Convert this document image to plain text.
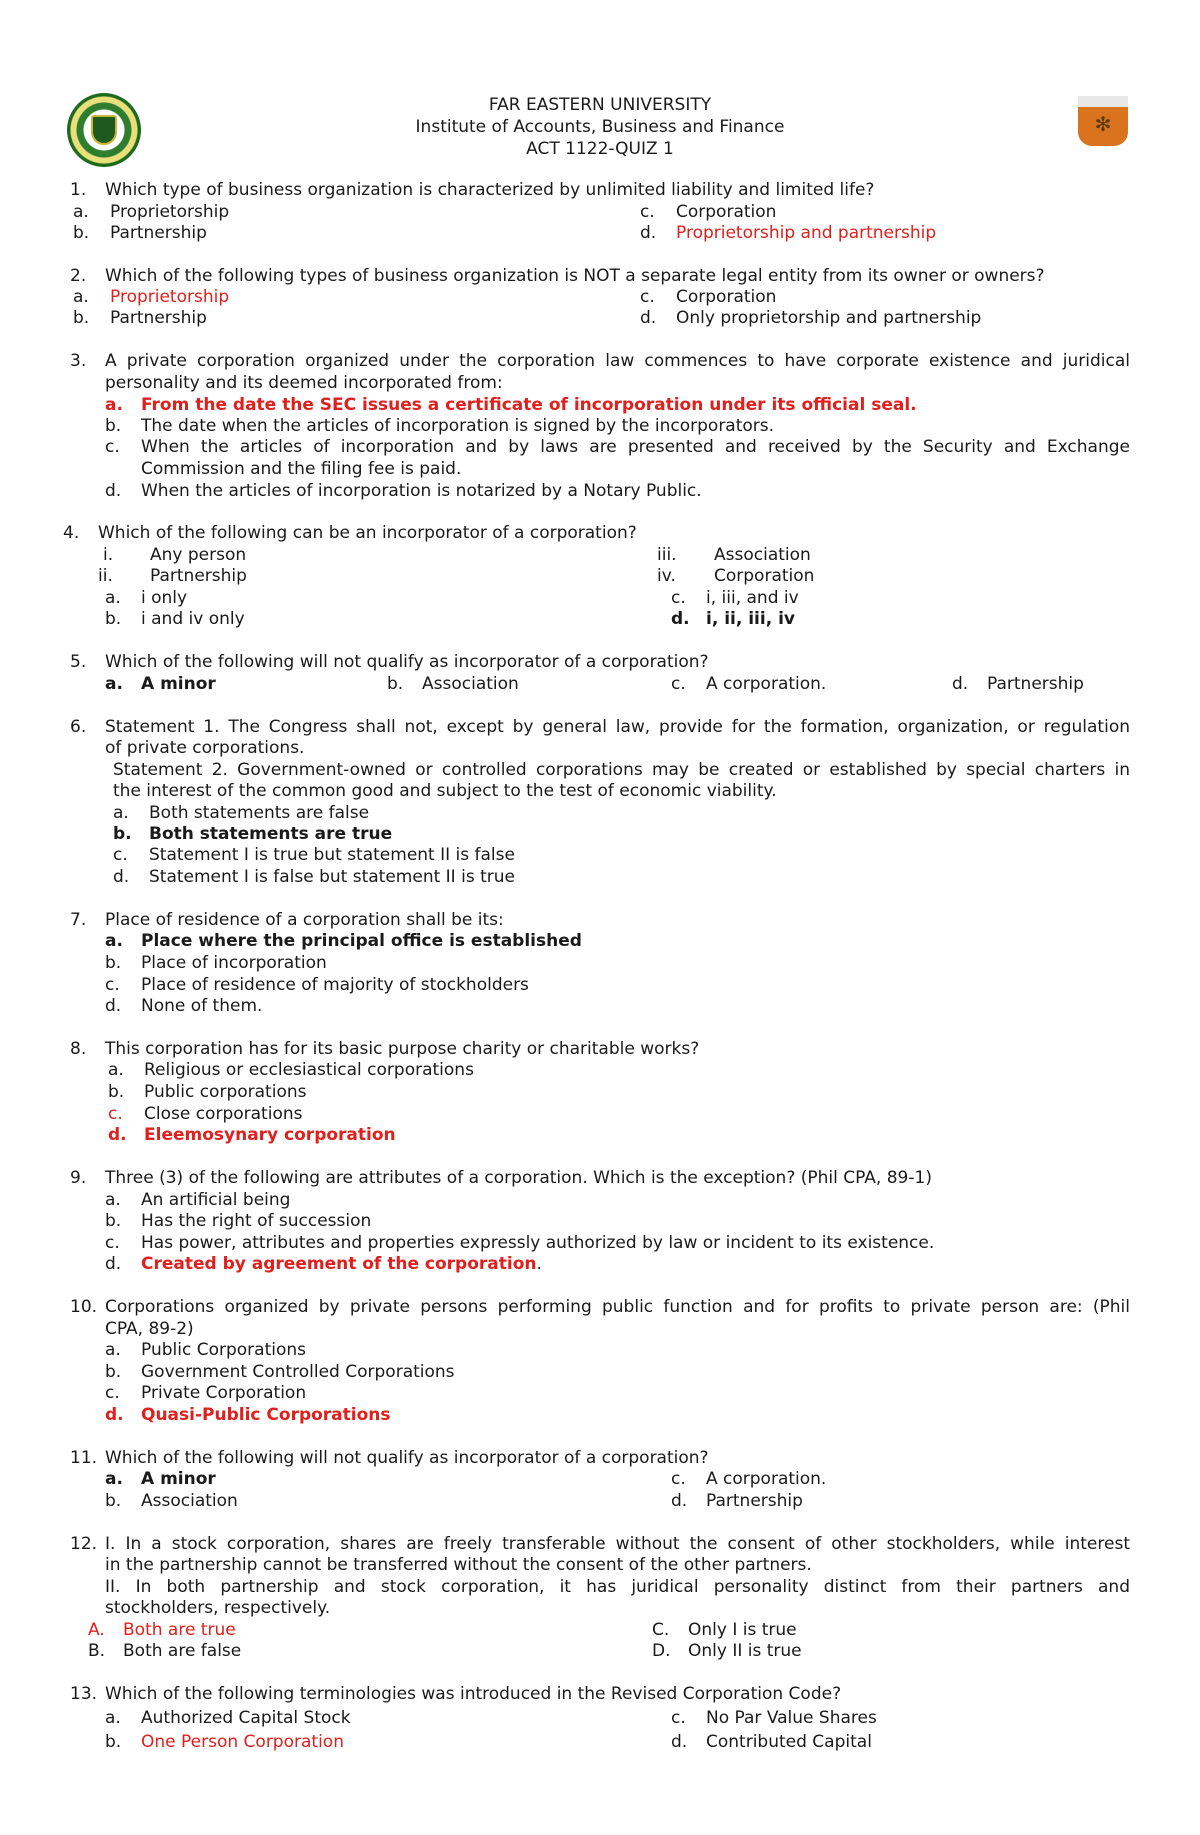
✻
FAR EASTERN UNIVERSITY
Institute of Accounts, Business and Finance
ACT 1122-QUIZ 1
1. Which type of business organization is characterized by unlimited liability and limited life?
a. Proprietorship
b. Partnership
c. Corporation
d. Proprietorship and partnership
2. Which of the following types of business organization is NOT a separate legal entity from its owner or owners?
a. Proprietorship
b. Partnership
c. Corporation
d. Only proprietorship and partnership
3. A private corporation organized under the corporation law commences to have corporate existence and juridical
personality and its deemed incorporated from:
a. From the date the SEC issues a certificate of incorporation under its official seal.
b. The date when the articles of incorporation is signed by the incorporators.
c. When the articles of incorporation and by laws are presented and received by the Security and Exchange
Commission and the filing fee is paid.
d. When the articles of incorporation is notarized by a Notary Public.
4. Which of the following can be an incorporator of a corporation?
i. Any person
ii. Partnership
iii. Association
iv. Corporation
a. i only
b. i and iv only
c. i, iii, and iv
d. i, ii, iii, iv
5. Which of the following will not qualify as incorporator of a corporation?
a. A minor	b. Association	c. A corporation.	d. Partnership
6. Statement 1. The Congress shall not, except by general law, provide for the formation, organization, or regulation
of private corporations.
Statement 2. Government-owned or controlled corporations may be created or established by special charters in
the interest of the common good and subject to the test of economic viability.
a. Both statements are false
b. Both statements are true
c. Statement I is true but statement II is false
d. Statement I is false but statement II is true
7. Place of residence of a corporation shall be its:
a. Place where the principal office is established
b. Place of incorporation
c. Place of residence of majority of stockholders
d. None of them.
8. This corporation has for its basic purpose charity or charitable works?
a. Religious or ecclesiastical corporations
b. Public corporations
c. Close corporations
d. Eleemosynary corporation
9. Three (3) of the following are attributes of a corporation. Which is the exception? (Phil CPA, 89-1)
a. An artificial being
b. Has the right of succession
c. Has power, attributes and properties expressly authorized by law or incident to its existence.
d. Created by agreement of the corporation.
10. Corporations organized by private persons performing public function and for profits to private person are: (Phil
CPA, 89-2)
a. Public Corporations
b. Government Controlled Corporations
c. Private Corporation
d. Quasi-Public Corporations
11. Which of the following will not qualify as incorporator of a corporation?
a. A minor
b. Association
c. A corporation.
d. Partnership
12. I. In a stock corporation, shares are freely transferable without the consent of other stockholders, while interest
in the partnership cannot be transferred without the consent of the other partners.
II. In both partnership and stock corporation, it has juridical personality distinct from their partners and
stockholders, respectively.
A. Both are true
B. Both are false
C. Only I is true
D. Only II is true
13. Which of the following terminologies was introduced in the Revised Corporation Code?
a. Authorized Capital Stock
b. One Person Corporation
c. No Par Value Shares
d. Contributed Capital
